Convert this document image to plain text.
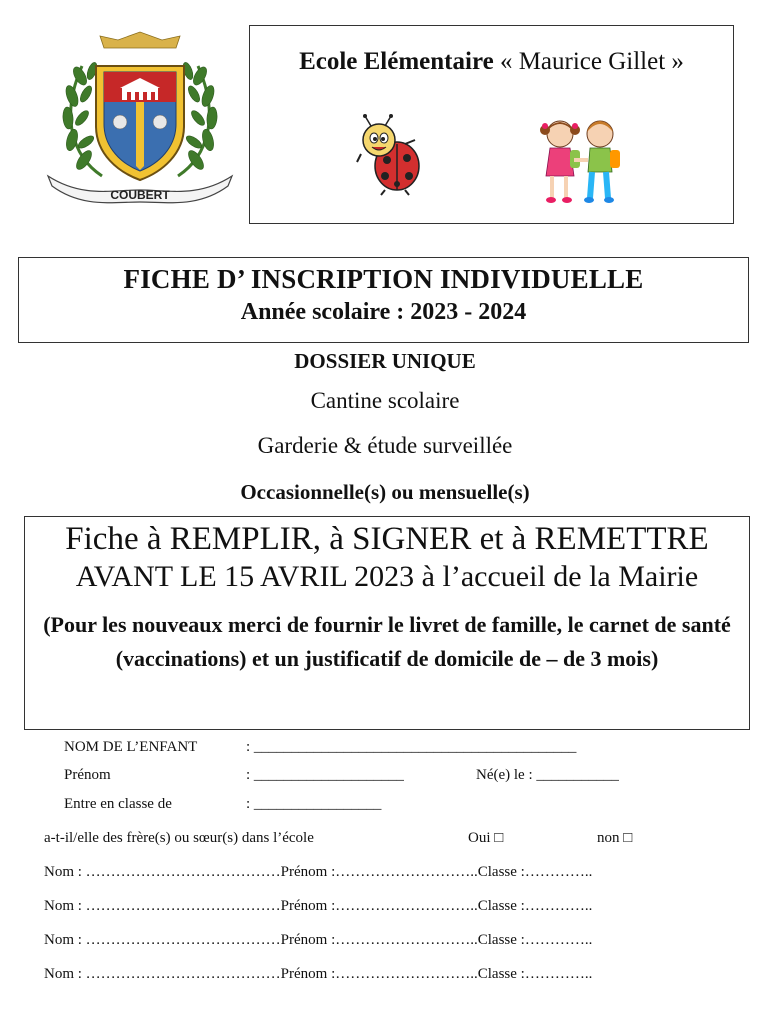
COUBERT
Ecole Elémentaire « Maurice Gillet »
FICHE D’ INSCRIPTION INDIVIDUELLE
Année scolaire : 2023 - 2024
DOSSIER UNIQUE
Cantine scolaire
Garderie & étude surveillée
Occasionnelle(s) ou mensuelle(s)
Fiche à REMPLIR, à SIGNER et à REMETTRE
AVANT LE 15 AVRIL 2023 à l’accueil de la Mairie
(Pour les nouveaux merci de fournir le livret de famille, le carnet de santé (vaccinations) et un justificatif de domicile de – de 3 mois)
NOM DE L’ENFANT	: ___________________________________________
Prénom	: ____________________	Né(e) le : ___________
Entre en classe de	: _________________
a-t-il/elle des frère(s) ou sœur(s) dans l’école	Oui □	non □
Nom : …………………………………Prénom :………………………..Classe :…………..
Nom : …………………………………Prénom :………………………..Classe :…………..
Nom : …………………………………Prénom :………………………..Classe :…………..
Nom : …………………………………Prénom :………………………..Classe :…………..
